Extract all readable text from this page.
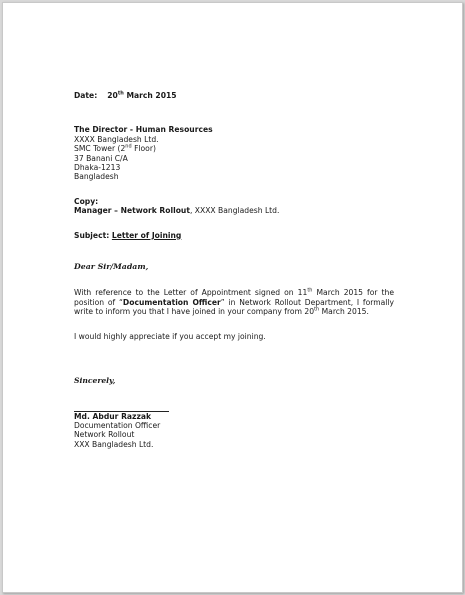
Date: 20th March 2015

The Director - Human Resources

XXXX Bangladesh Ltd.

SMC Tower (2nd Floor)

37 Banani C/A

Dhaka-1213

Bangladesh

Copy:

Manager – Network Rollout, XXXX Bangladesh Ltd.

Subject: Letter of Joining

Dear Sir/Madam,

With reference to the Letter of Appointment signed on 11th March 2015 for the position of “Documentation Officer” in Network Rollout Department, I formally write to inform you that I have joined in your company from 20th March 2015.

I would highly appreciate if you accept my joining.

Sincerely,

Md. Abdur Razzak

Documentation Officer

Network Rollout

XXX Bangladesh Ltd.
